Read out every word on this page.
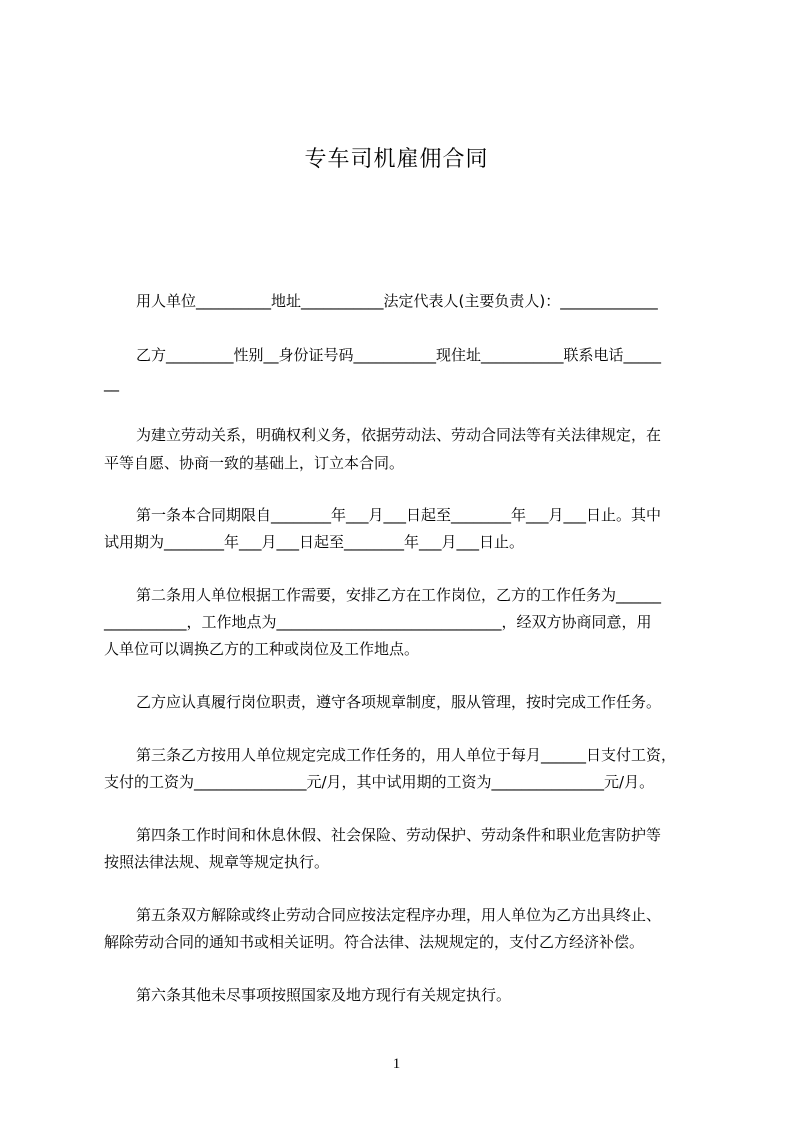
专车司机雇佣合同
用人单位__________地址___________法定代表人(主要负责人)：_____________
乙方_________性别__身份证号码___________现住址___________联系电话_____
__
为建立劳动关系，明确权利义务，依据劳动法、劳动合同法等有关法律规定，在
平等自愿、协商一致的基础上，订立本合同。
第一条本合同期限自________年___月___日起至________年___月___日止。其中
试用期为________年___月___日起至________年___月___日止。
第二条用人单位根据工作需要，安排乙方在工作岗位，乙方的工作任务为______
___________，工作地点为______________________________，经双方协商同意，用
人单位可以调换乙方的工种或岗位及工作地点。
乙方应认真履行岗位职责，遵守各项规章制度，服从管理，按时完成工作任务。
第三条乙方按用人单位规定完成工作任务的，用人单位于每月______日支付工资，
支付的工资为_______________元/月，其中试用期的工资为_______________元/月。
第四条工作时间和休息休假、社会保险、劳动保护、劳动条件和职业危害防护等
按照法律法规、规章等规定执行。
第五条双方解除或终止劳动合同应按法定程序办理，用人单位为乙方出具终止、
解除劳动合同的通知书或相关证明。符合法律、法规规定的，支付乙方经济补偿。
第六条其他未尽事项按照国家及地方现行有关规定执行。
1
